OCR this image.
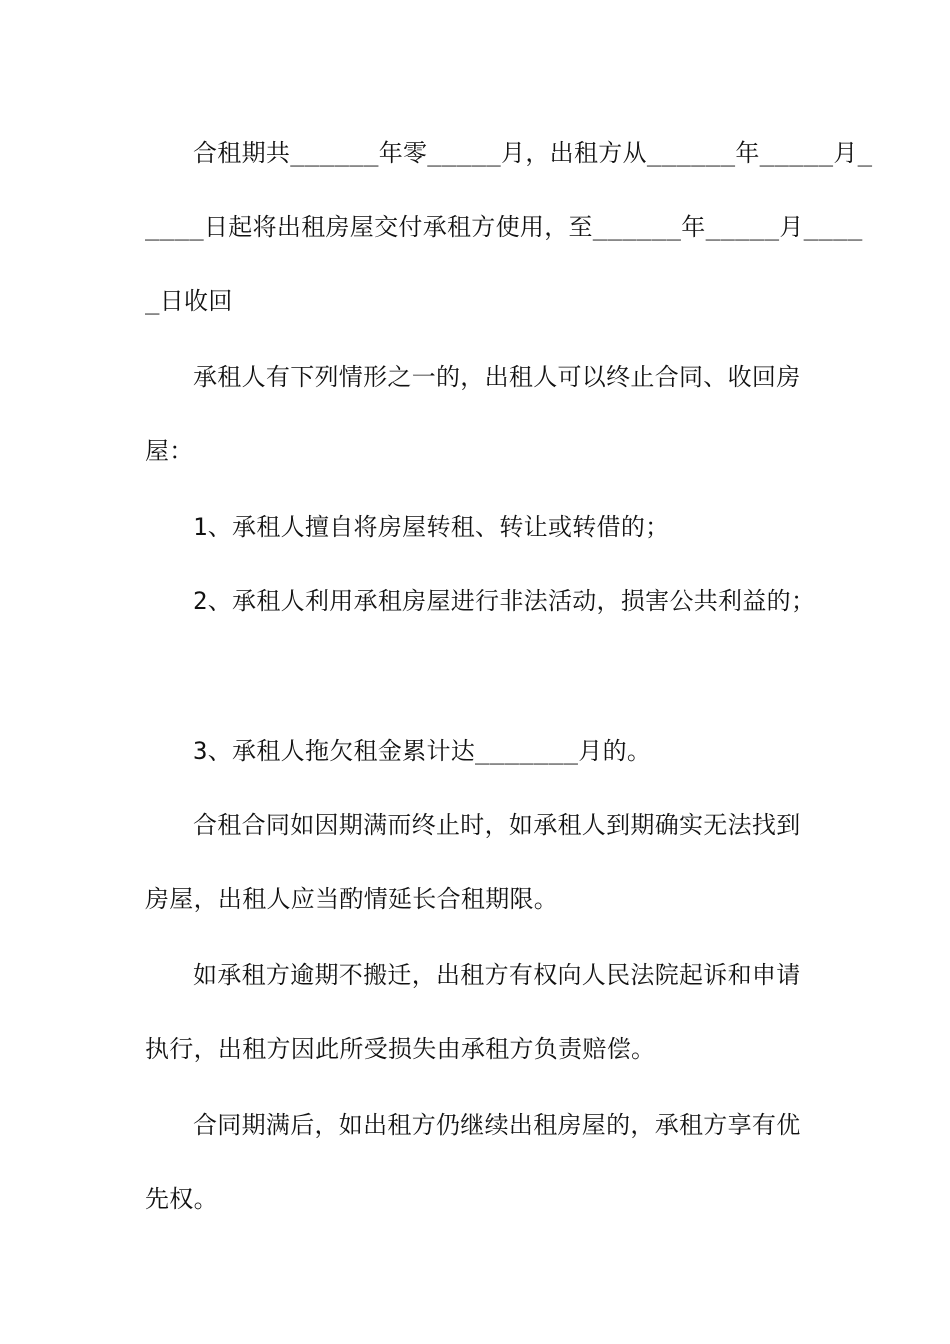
合租期共______年零_____月，出租方从______年_____月_
____日起将出租房屋交付承租方使用，至______年_____月____
_日收回
承租人有下列情形之一的，出租人可以终止合同、收回房
屋：
1、承租人擅自将房屋转租、转让或转借的；
2、承租人利用承租房屋进行非法活动，损害公共利益的；
3、承租人拖欠租金累计达_______月的。
合租合同如因期满而终止时，如承租人到期确实无法找到
房屋，出租人应当酌情延长合租期限。
如承租方逾期不搬迁，出租方有权向人民法院起诉和申请
执行，出租方因此所受损失由承租方负责赔偿。
合同期满后，如出租方仍继续出租房屋的，承租方享有优
先权。
